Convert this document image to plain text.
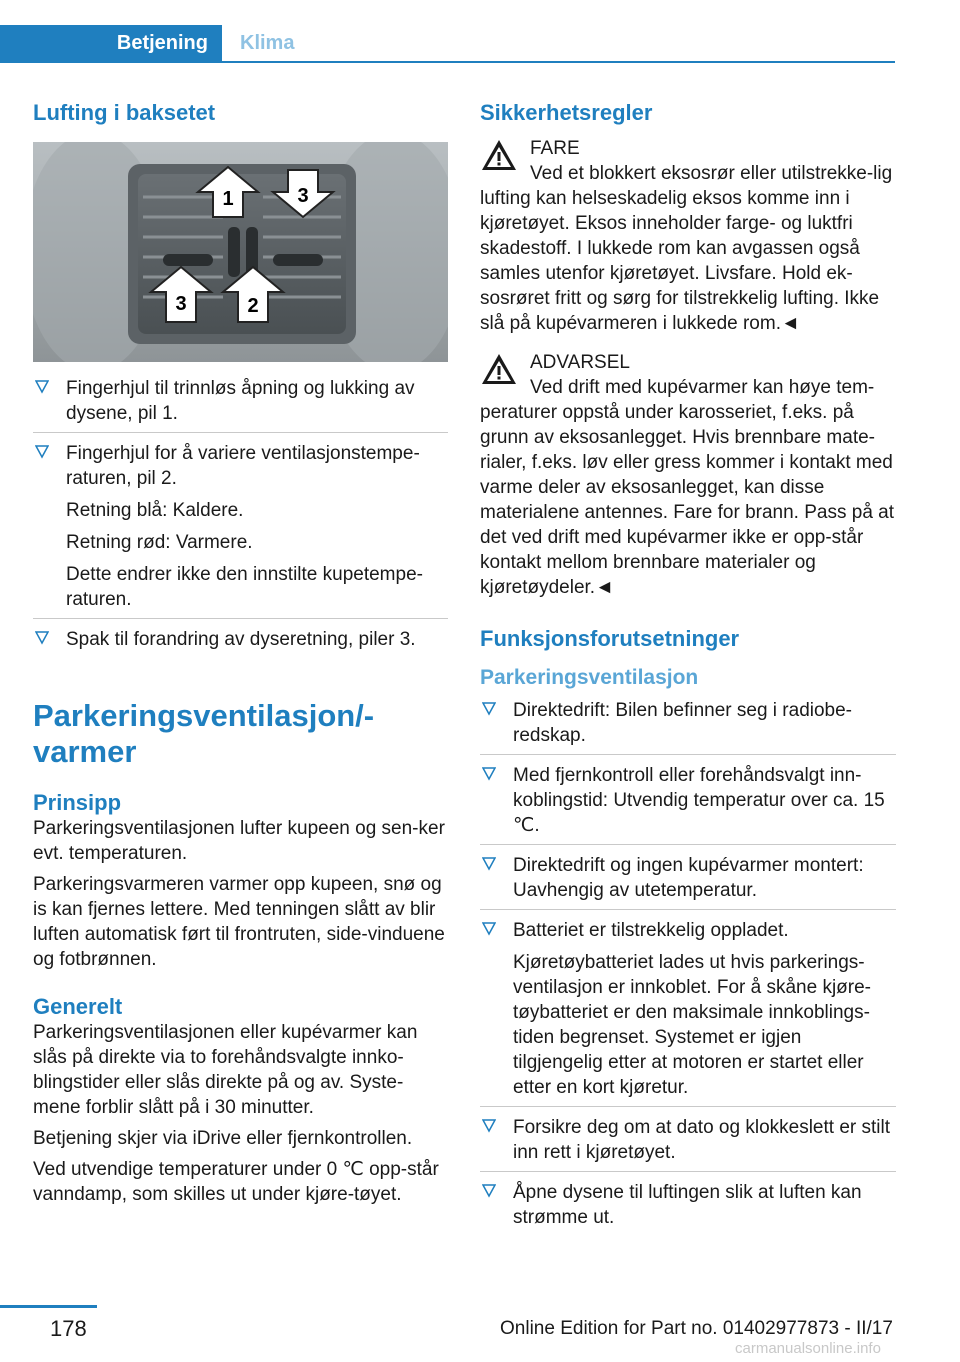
Betjening	Klima
Lufting i baksetet
1
2
3
3
Fingerhjul til trinnløs åpning og lukking av dysene, pil 1.
Fingerhjul for å variere ventilasjonstempe-raturen, pil 2.
Retning blå: Kaldere.
Retning rød: Varmere.
Dette endrer ikke den innstilte kupetempe-raturen.
Spak til forandring av dyseretning, piler 3.
Parkeringsventilasjon/-varmer
Prinsipp

Parkeringsventilasjonen lufter kupeen og sen-ker evt. temperaturen.

Parkeringsvarmeren varmer opp kupeen, snø og is kan fjernes lettere. Med tenningen slått av blir luften automatisk ført til frontruten, side-vinduene og fotbrønnen.

Generelt

Parkeringsventilasjonen eller kupévarmer kan slås på direkte via to forehåndsvalgte innko-blingstider eller slås direkte på og av. Syste-mene forblir slått på i 30 minutter.

Betjening skjer via iDrive eller fjernkontrollen.

Ved utvendige temperaturer under 0 ℃ opp-står vanndamp, som skilles ut under kjøre-tøyet.

Sikkerhetsregler
FARE
Ved et blokkert eksosrør eller utilstrekke-lig lufting kan helseskadelig eksos komme inn i kjøretøyet. Eksos inneholder farge- og luktfri skadestoff. I lukkede rom kan avgassen også samles utenfor kjøretøyet. Livsfare. Hold ek-sosrøret fritt og sørg for tilstrekkelig lufting. Ikke slå på kupévarmeren i lukkede rom.◄
ADVARSEL
Ved drift med kupévarmer kan høye tem-peraturer oppstå under karosseriet, f.eks. på grunn av eksosanlegget. Hvis brennbare mate-rialer, f.eks. løv eller gress kommer i kontakt med varme deler av eksosanlegget, kan disse materialene antennes. Fare for brann. Pass på at det ved drift med kupévarmer ikke er opp-står kontakt mellom brennbare materialer og kjøretøydeler.◄
Funksjonsforutsetninger
Parkeringsventilasjon
Direktedrift: Bilen befinner seg i radiobe-redskap.
Med fjernkontroll eller forehåndsvalgt inn-koblingstid: Utvendig temperatur over ca. 15 ℃.
Direktedrift og ingen kupévarmer montert: Uavhengig av utetemperatur.
Batteriet er tilstrekkelig oppladet.
Kjøretøybatteriet lades ut hvis parkerings-ventilasjon er innkoblet. For å skåne kjøre-tøybatteriet er den maksimale innkoblings-tiden begrenset. Systemet er igjen tilgjengelig etter at motoren er startet eller etter en kort kjøretur.
Forsikre deg om at dato og klokkeslett er stilt inn rett i kjøretøyet.
Åpne dysene til luftingen slik at luften kan strømme ut.
178	Online Edition for Part no. 01402977873 - II/17
carmanualsonline.info
